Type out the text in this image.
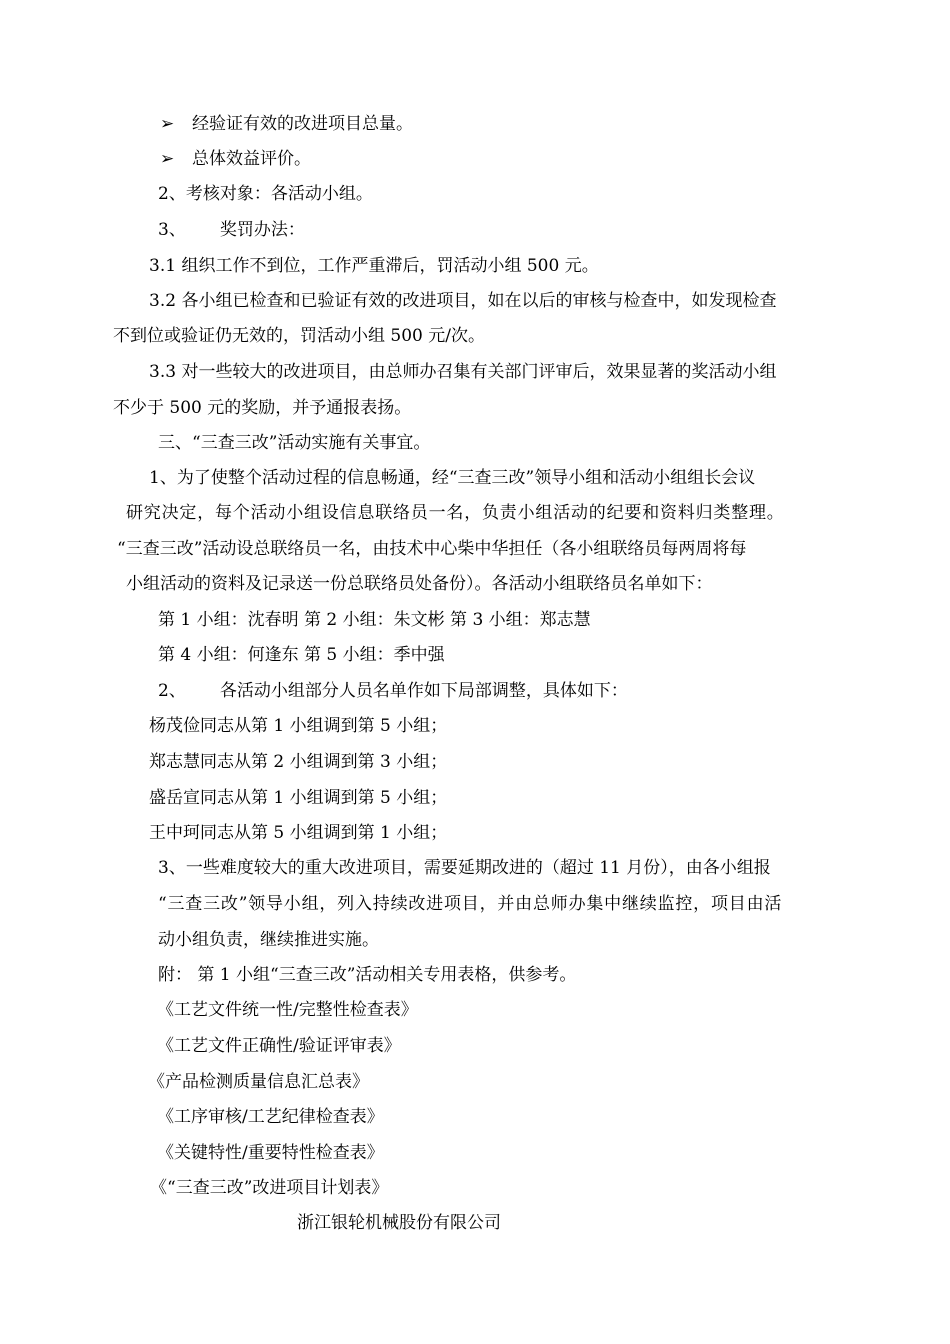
➢ 经验证有效的改进项目总量。
➢ 总体效益评价。
2、考核对象：各活动小组。
3、 奖罚办法：
3.1 组织工作不到位，工作严重滞后，罚活动小组 500 元。
3.2 各小组已检查和已验证有效的改进项目，如在以后的审核与检查中，如发现检查
不到位或验证仍无效的，罚活动小组 500 元/次。
3.3 对一些较大的改进项目，由总师办召集有关部门评审后，效果显著的奖活动小组
不少于 500 元的奖励，并予通报表扬。
三、“三查三改”活动实施有关事宜。
1、为了使整个活动过程的信息畅通，经“三查三改”领导小组和活动小组组长会议
研究决定，每个活动小组设信息联络员一名，负责小组活动的纪要和资料归类整理。
“三查三改”活动设总联络员一名，由技术中心柴中华担任（各小组联络员每两周将每
小组活动的资料及记录送一份总联络员处备份）。各活动小组联络员名单如下：
第 1 小组：沈春明 第 2 小组：朱文彬 第 3 小组：郑志慧
第 4 小组：何逢东 第 5 小组：季中强
2、 各活动小组部分人员名单作如下局部调整，具体如下：
杨茂俭同志从第 1 小组调到第 5 小组；
郑志慧同志从第 2 小组调到第 3 小组；
盛岳宣同志从第 1 小组调到第 5 小组；
王中珂同志从第 5 小组调到第 1 小组；
3、一些难度较大的重大改进项目，需要延期改进的（超过 11 月份），由各小组报
“三查三改”领导小组，列入持续改进项目，并由总师办集中继续监控，项目由活
动小组负责，继续推进实施。
附： 第 1 小组“三查三改”活动相关专用表格，供参考。
《工艺文件统一性/完整性检查表》
《工艺文件正确性/验证评审表》
《产品检测质量信息汇总表》
《工序审核/工艺纪律检查表》
《关键特性/重要特性检查表》
《“三查三改”改进项目计划表》
浙江银轮机械股份有限公司
